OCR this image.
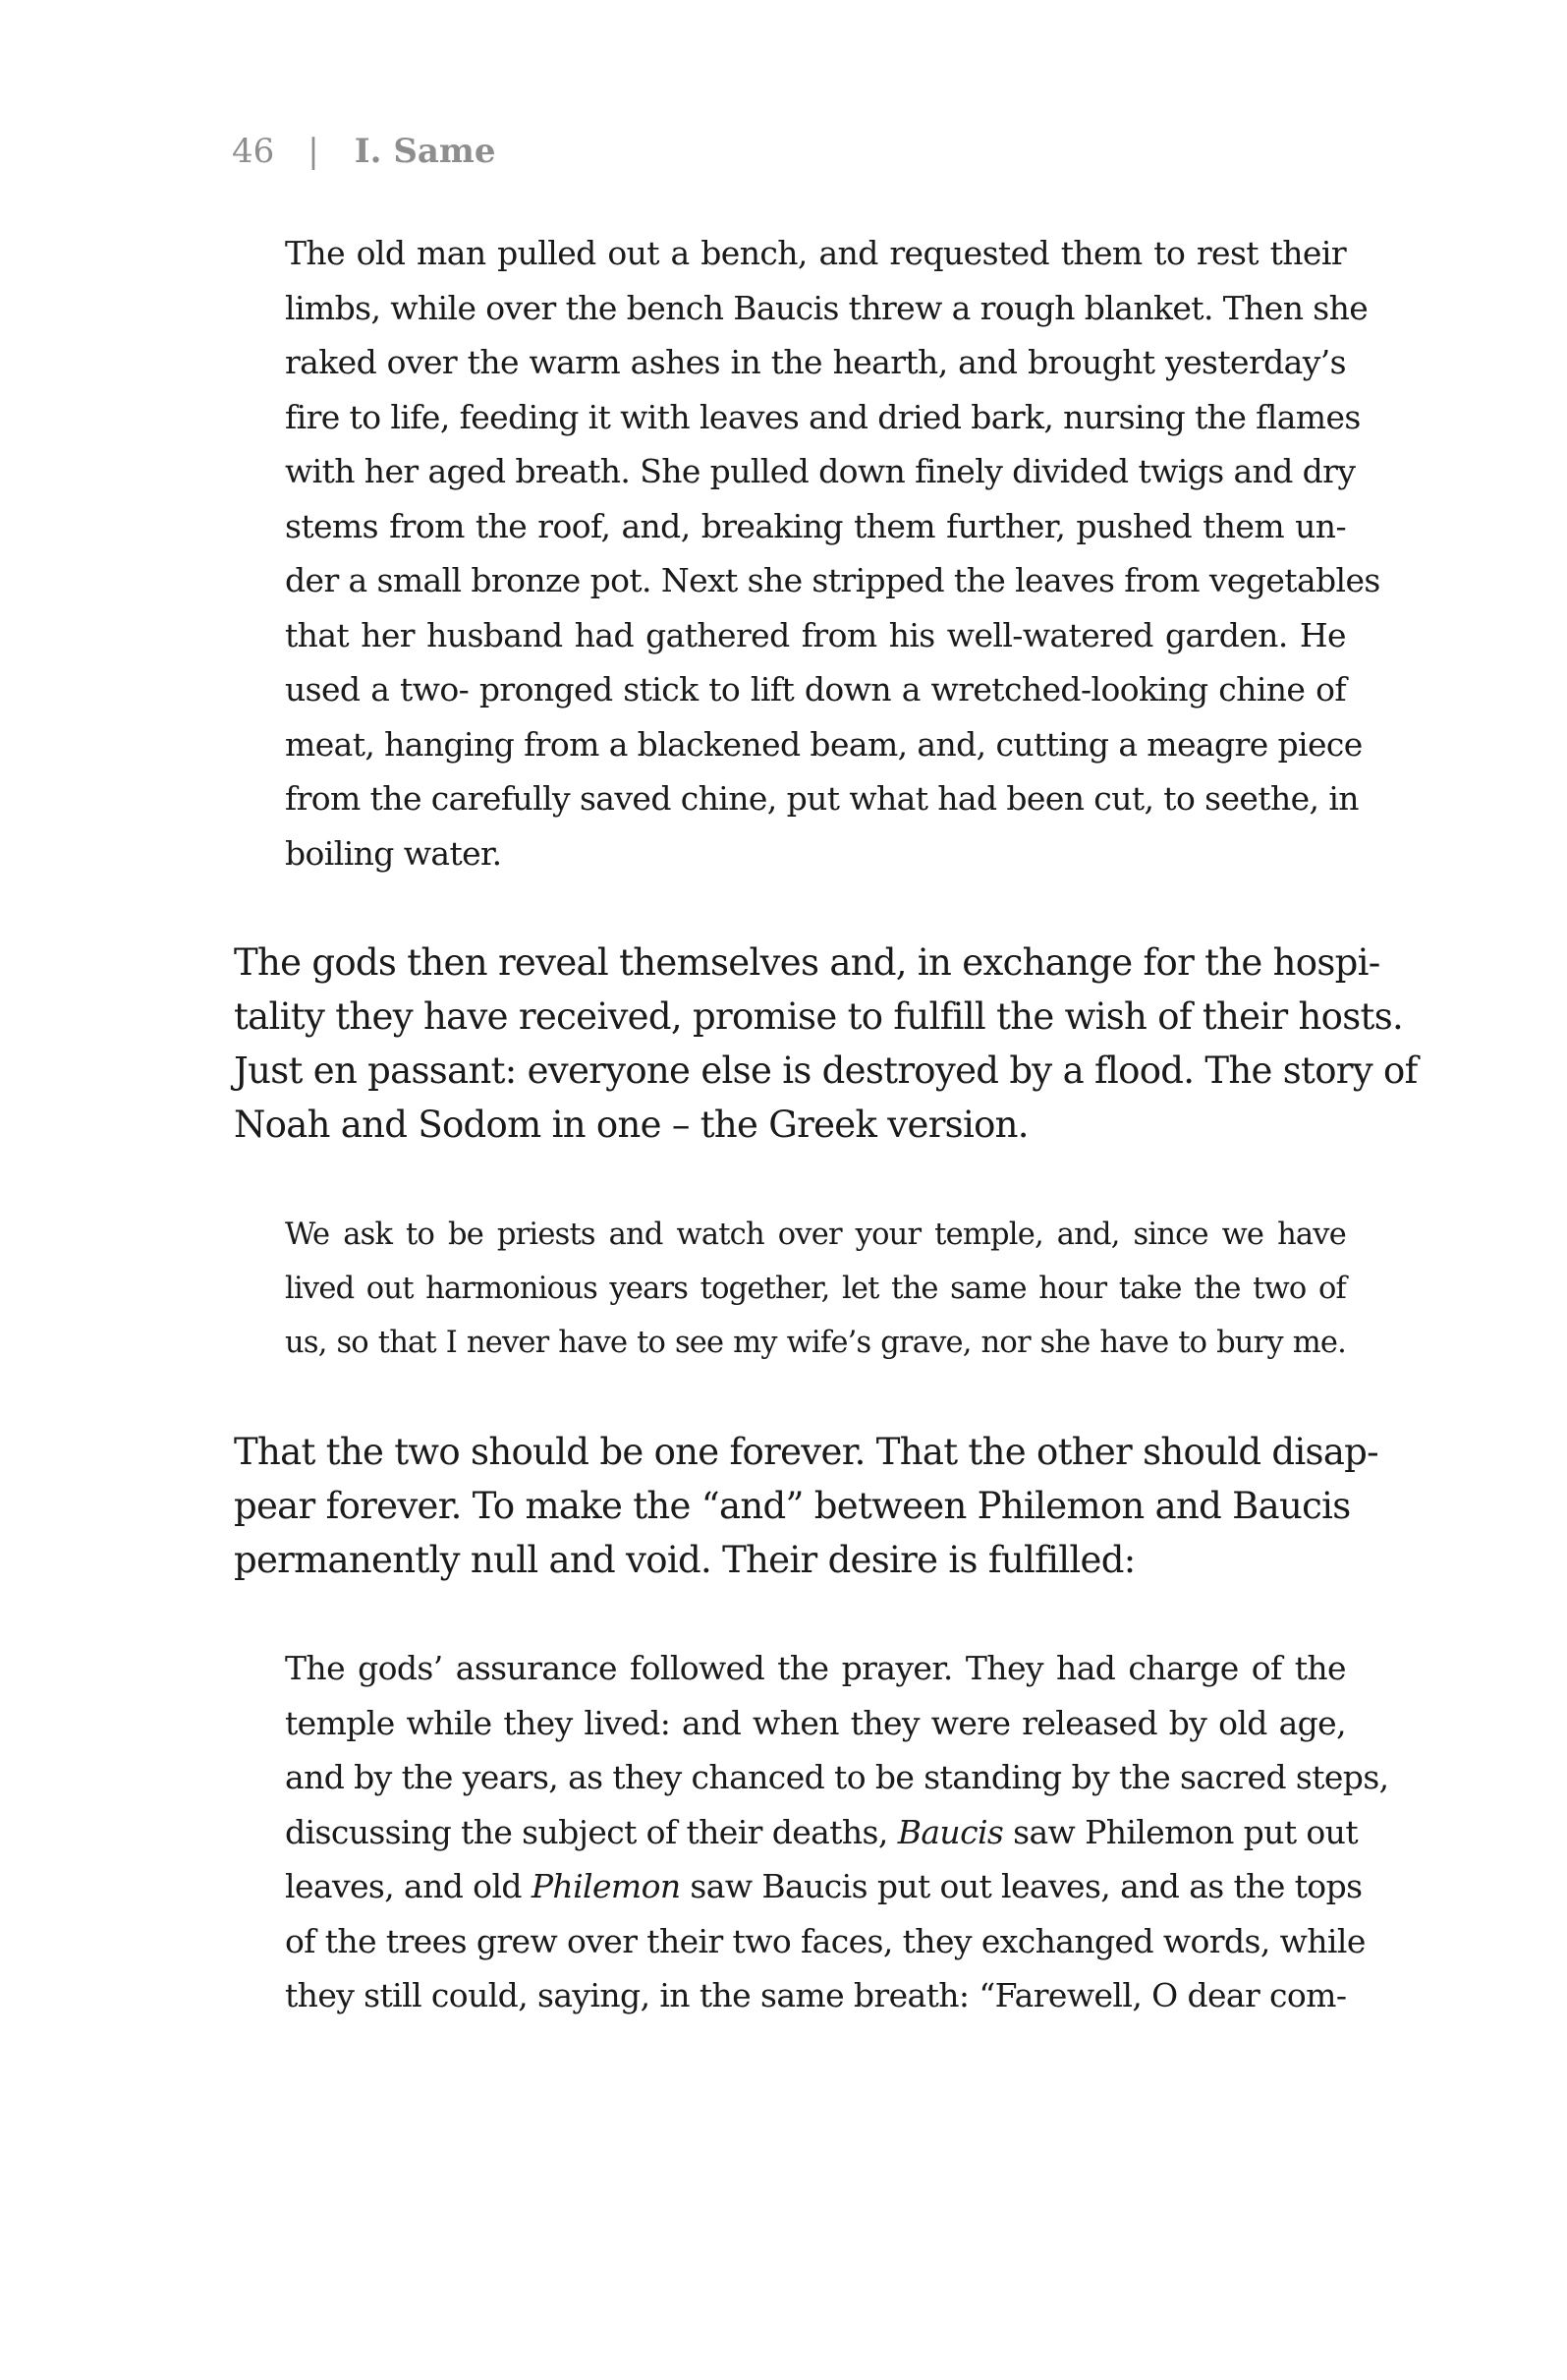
46 | I. Same
The old man pulled out a bench, and requested them to rest their
limbs, while over the bench Baucis threw a rough blanket. Then she
raked over the warm ashes in the hearth, and brought yesterday’s
fire to life, feeding it with leaves and dried bark, nursing the flames
with her aged breath. She pulled down finely divided twigs and dry
stems from the roof, and, breaking them further, pushed them un-
der a small bronze pot. Next she stripped the leaves from vegetables
that her husband had gathered from his well-watered garden. He
used a two- pronged stick to lift down a wretched-looking chine of
meat, hanging from a blackened beam, and, cutting a meagre piece
from the carefully saved chine, put what had been cut, to seethe, in
boiling water.
The gods then reveal themselves and, in exchange for the hospi-
tality they have received, promise to fulfill the wish of their hosts.
Just en passant: everyone else is destroyed by a flood. The story of
Noah and Sodom in one – the Greek version.
We ask to be priests and watch over your temple, and, since we have
lived out harmonious years together, let the same hour take the two of
us, so that I never have to see my wife’s grave, nor she have to bury me.
That the two should be one forever. That the other should disap-
pear forever. To make the “and” between Philemon and Baucis
permanently null and void. Their desire is fulfilled:
The gods’ assurance followed the prayer. They had charge of the
temple while they lived: and when they were released by old age,
and by the years, as they chanced to be standing by the sacred steps,
discussing the subject of their deaths, Baucis saw Philemon put out
leaves, and old Philemon saw Baucis put out leaves, and as the tops
of the trees grew over their two faces, they exchanged words, while
they still could, saying, in the same breath: “Farewell, O dear com-
